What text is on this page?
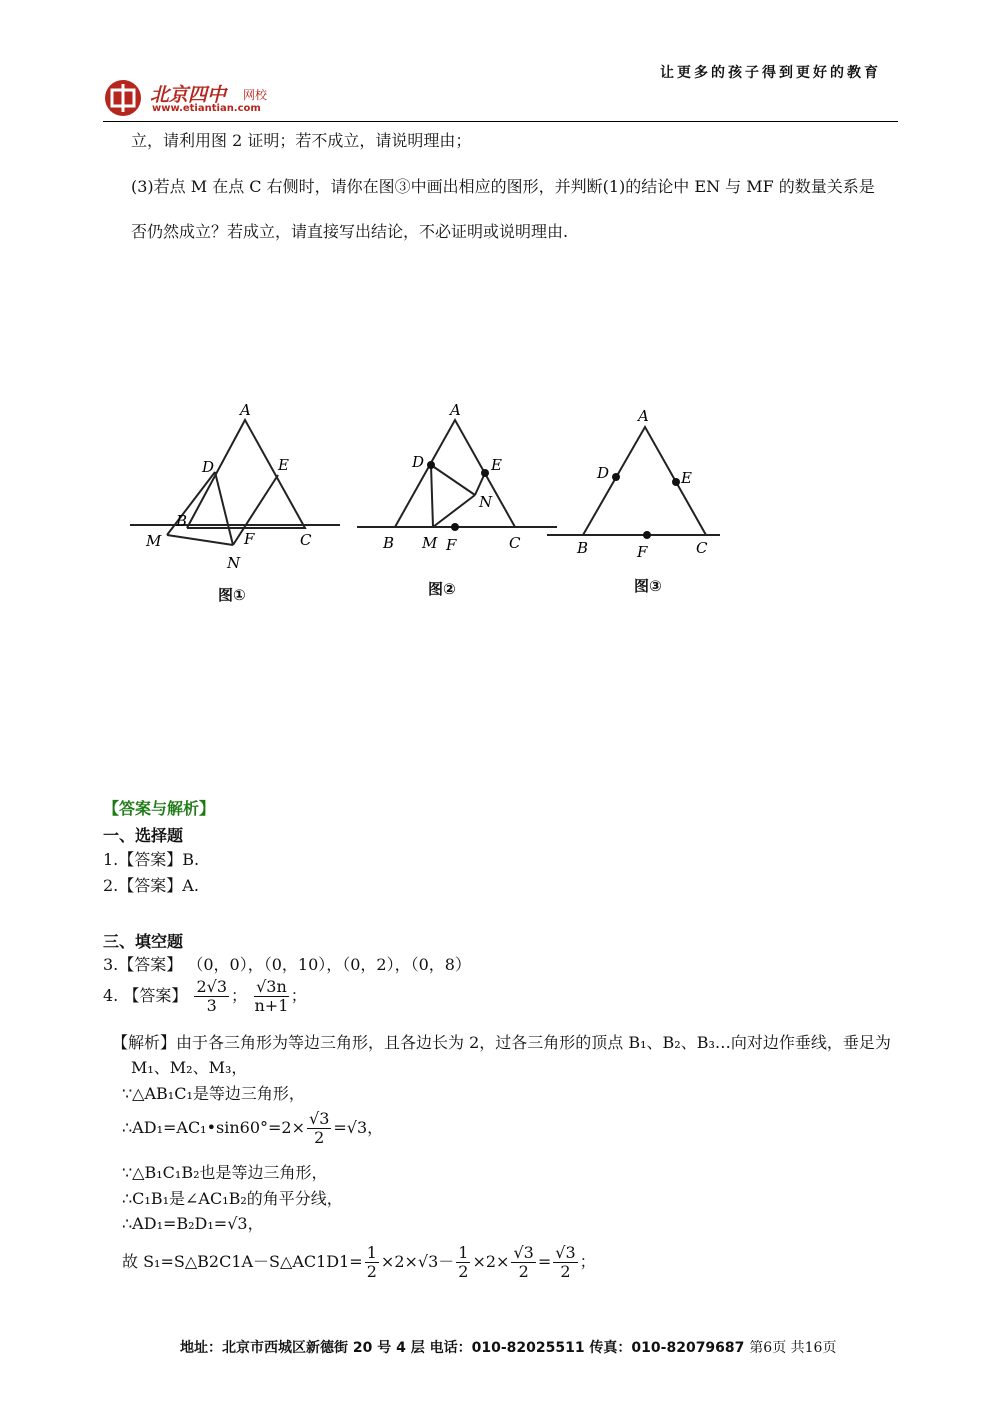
让更多的孩子得到更好的教育
北京四中 网校
www.etiantian.com
立，请利用图 2 证明；若不成立，请说明理由；
(3)若点 M 在点 C 右侧时，请你在图③中画出相应的图形，并判断(1)的结论中 EN 与 MF 的数量关系是
否仍然成立？若成立，请直接写出结论，不必证明或说明理由.
A
D	E
B
M	F	C
N
A
D	E
N
B M F	C
A
D	E
B	F	C
图①	图②	图③
【答案与解析】
一、选择题
1.【答案】B.
2.【答案】A.
三、填空题
3.【答案】 （0，0），（0，10），（0，2），（0，8）
4. 【答案】 $\frac{2√3}{3}$ ； $\frac{√3n}{n+1}$ ；
【解析】由于各三角形为等边三角形，且各边长为 2，过各三角形的顶点 B₁、B₂、B₃…向对边作垂线，垂足为
M₁、M₂、M₃，
∵△AB₁C₁是等边三角形，
∴AD₁=AC₁•sin60°=2× $\frac{√3}{2} =√3$，
∵△B₁C₁B₂也是等边三角形，
∴C₁B₁是∠AC₁B₂的角平分线，
∴AD₁=B₂D₁=√3，
故 S₁=S△B2C1A－S△AC1D1= $\frac{1}{2} \times 2\times√3- \frac{1}{2} \times 2\times \frac{√3}{2} = \frac{√3}{2}$ ；
地址：北京市西城区新德街 20 号 4 层 电话：010-82025511 传真：010-82079687 第6页 共16页
